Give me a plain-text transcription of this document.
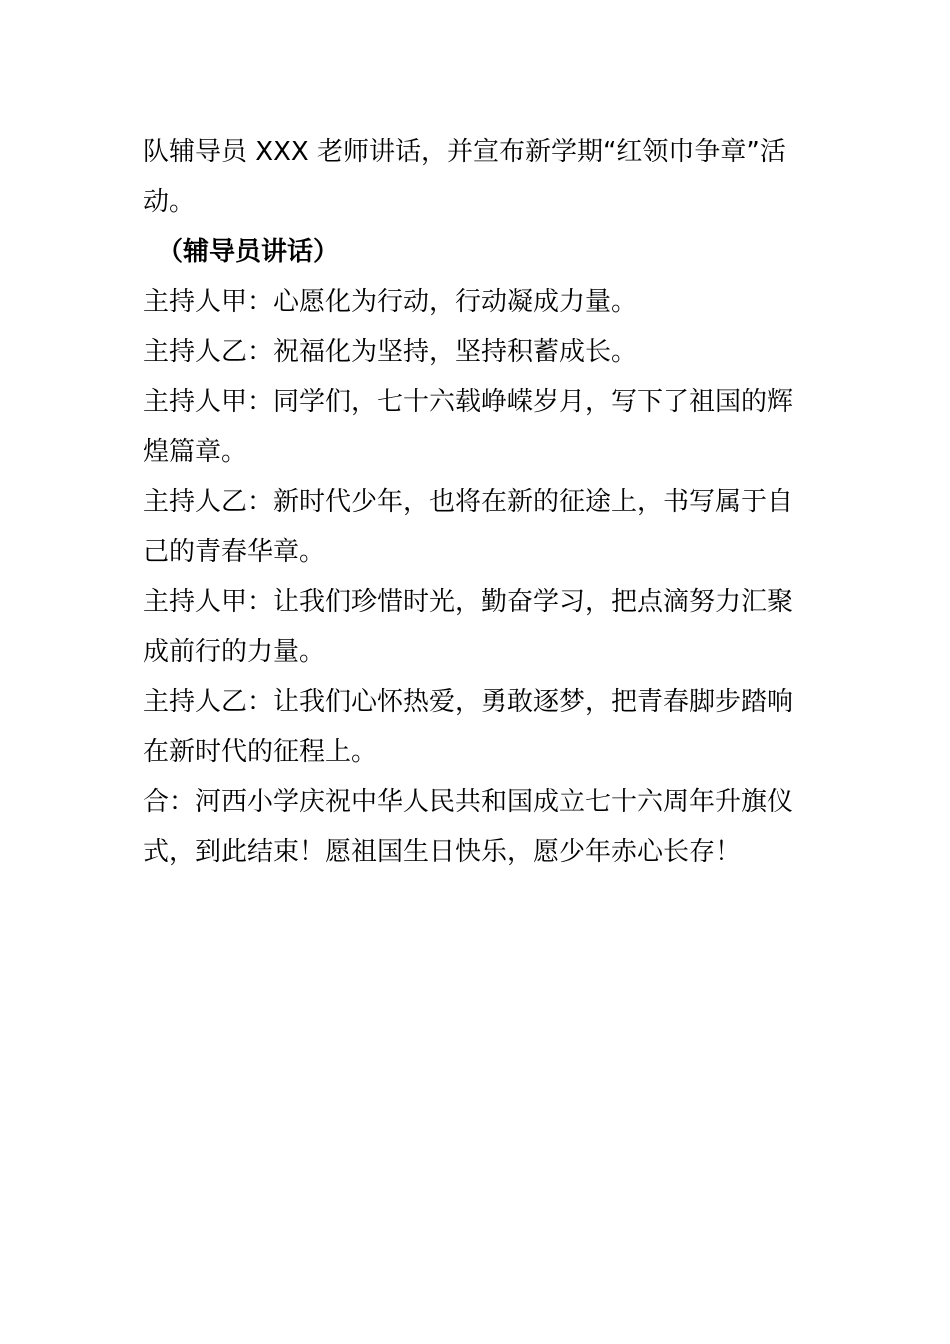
队辅导员 XXX 老师讲话，并宣布新学期“红领巾争章”活动。

（辅导员讲话）

主持人甲：心愿化为行动，行动凝成力量。

主持人乙：祝福化为坚持，坚持积蓄成长。

主持人甲：同学们，七十六载峥嵘岁月，写下了祖国的辉煌篇章。

主持人乙：新时代少年，也将在新的征途上，书写属于自己的青春华章。

主持人甲：让我们珍惜时光，勤奋学习，把点滴努力汇聚成前行的力量。

主持人乙：让我们心怀热爱，勇敢逐梦，把青春脚步踏响在新时代的征程上。

合：河西小学庆祝中华人民共和国成立七十六周年升旗仪式，到此结束！愿祖国生日快乐，愿少年赤心长存！
